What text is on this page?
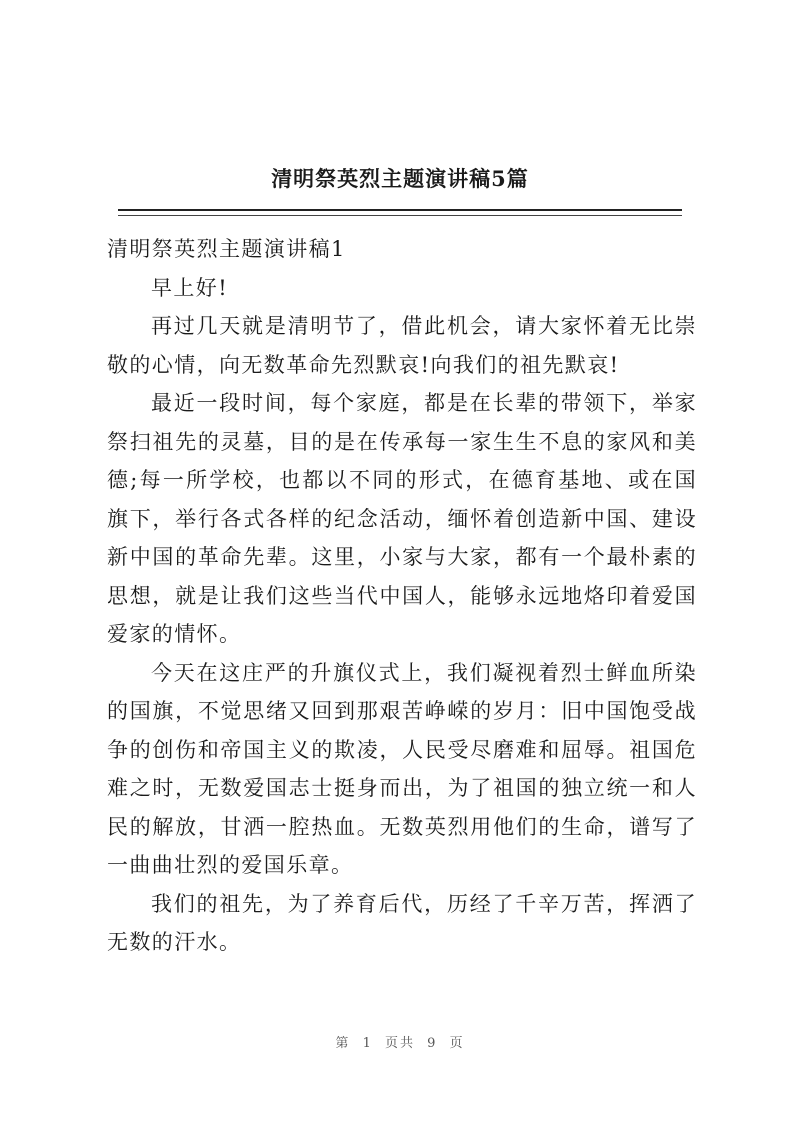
清明祭英烈主题演讲稿5篇

清明祭英烈主题演讲稿1

早上好!

再过几天就是清明节了，借此机会，请大家怀着无比崇敬的心情，向无数革命先烈默哀!向我们的祖先默哀!

最近一段时间，每个家庭，都是在长辈的带领下，举家祭扫祖先的灵墓，目的是在传承每一家生生不息的家风和美德;每一所学校，也都以不同的形式，在德育基地、或在国旗下，举行各式各样的纪念活动，缅怀着创造新中国、建设新中国的革命先辈。这里，小家与大家，都有一个最朴素的思想，就是让我们这些当代中国人，能够永远地烙印着爱国爱家的情怀。

今天在这庄严的升旗仪式上，我们凝视着烈士鲜血所染的国旗，不觉思绪又回到那艰苦峥嵘的岁月：旧中国饱受战争的创伤和帝国主义的欺凌，人民受尽磨难和屈辱。祖国危难之时，无数爱国志士挺身而出，为了祖国的独立统一和人民的解放，甘洒一腔热血。无数英烈用他们的生命，谱写了一曲曲壮烈的爱国乐章。

我们的祖先，为了养育后代，历经了千辛万苦，挥洒了无数的汗水。

第 1 页共 9 页
